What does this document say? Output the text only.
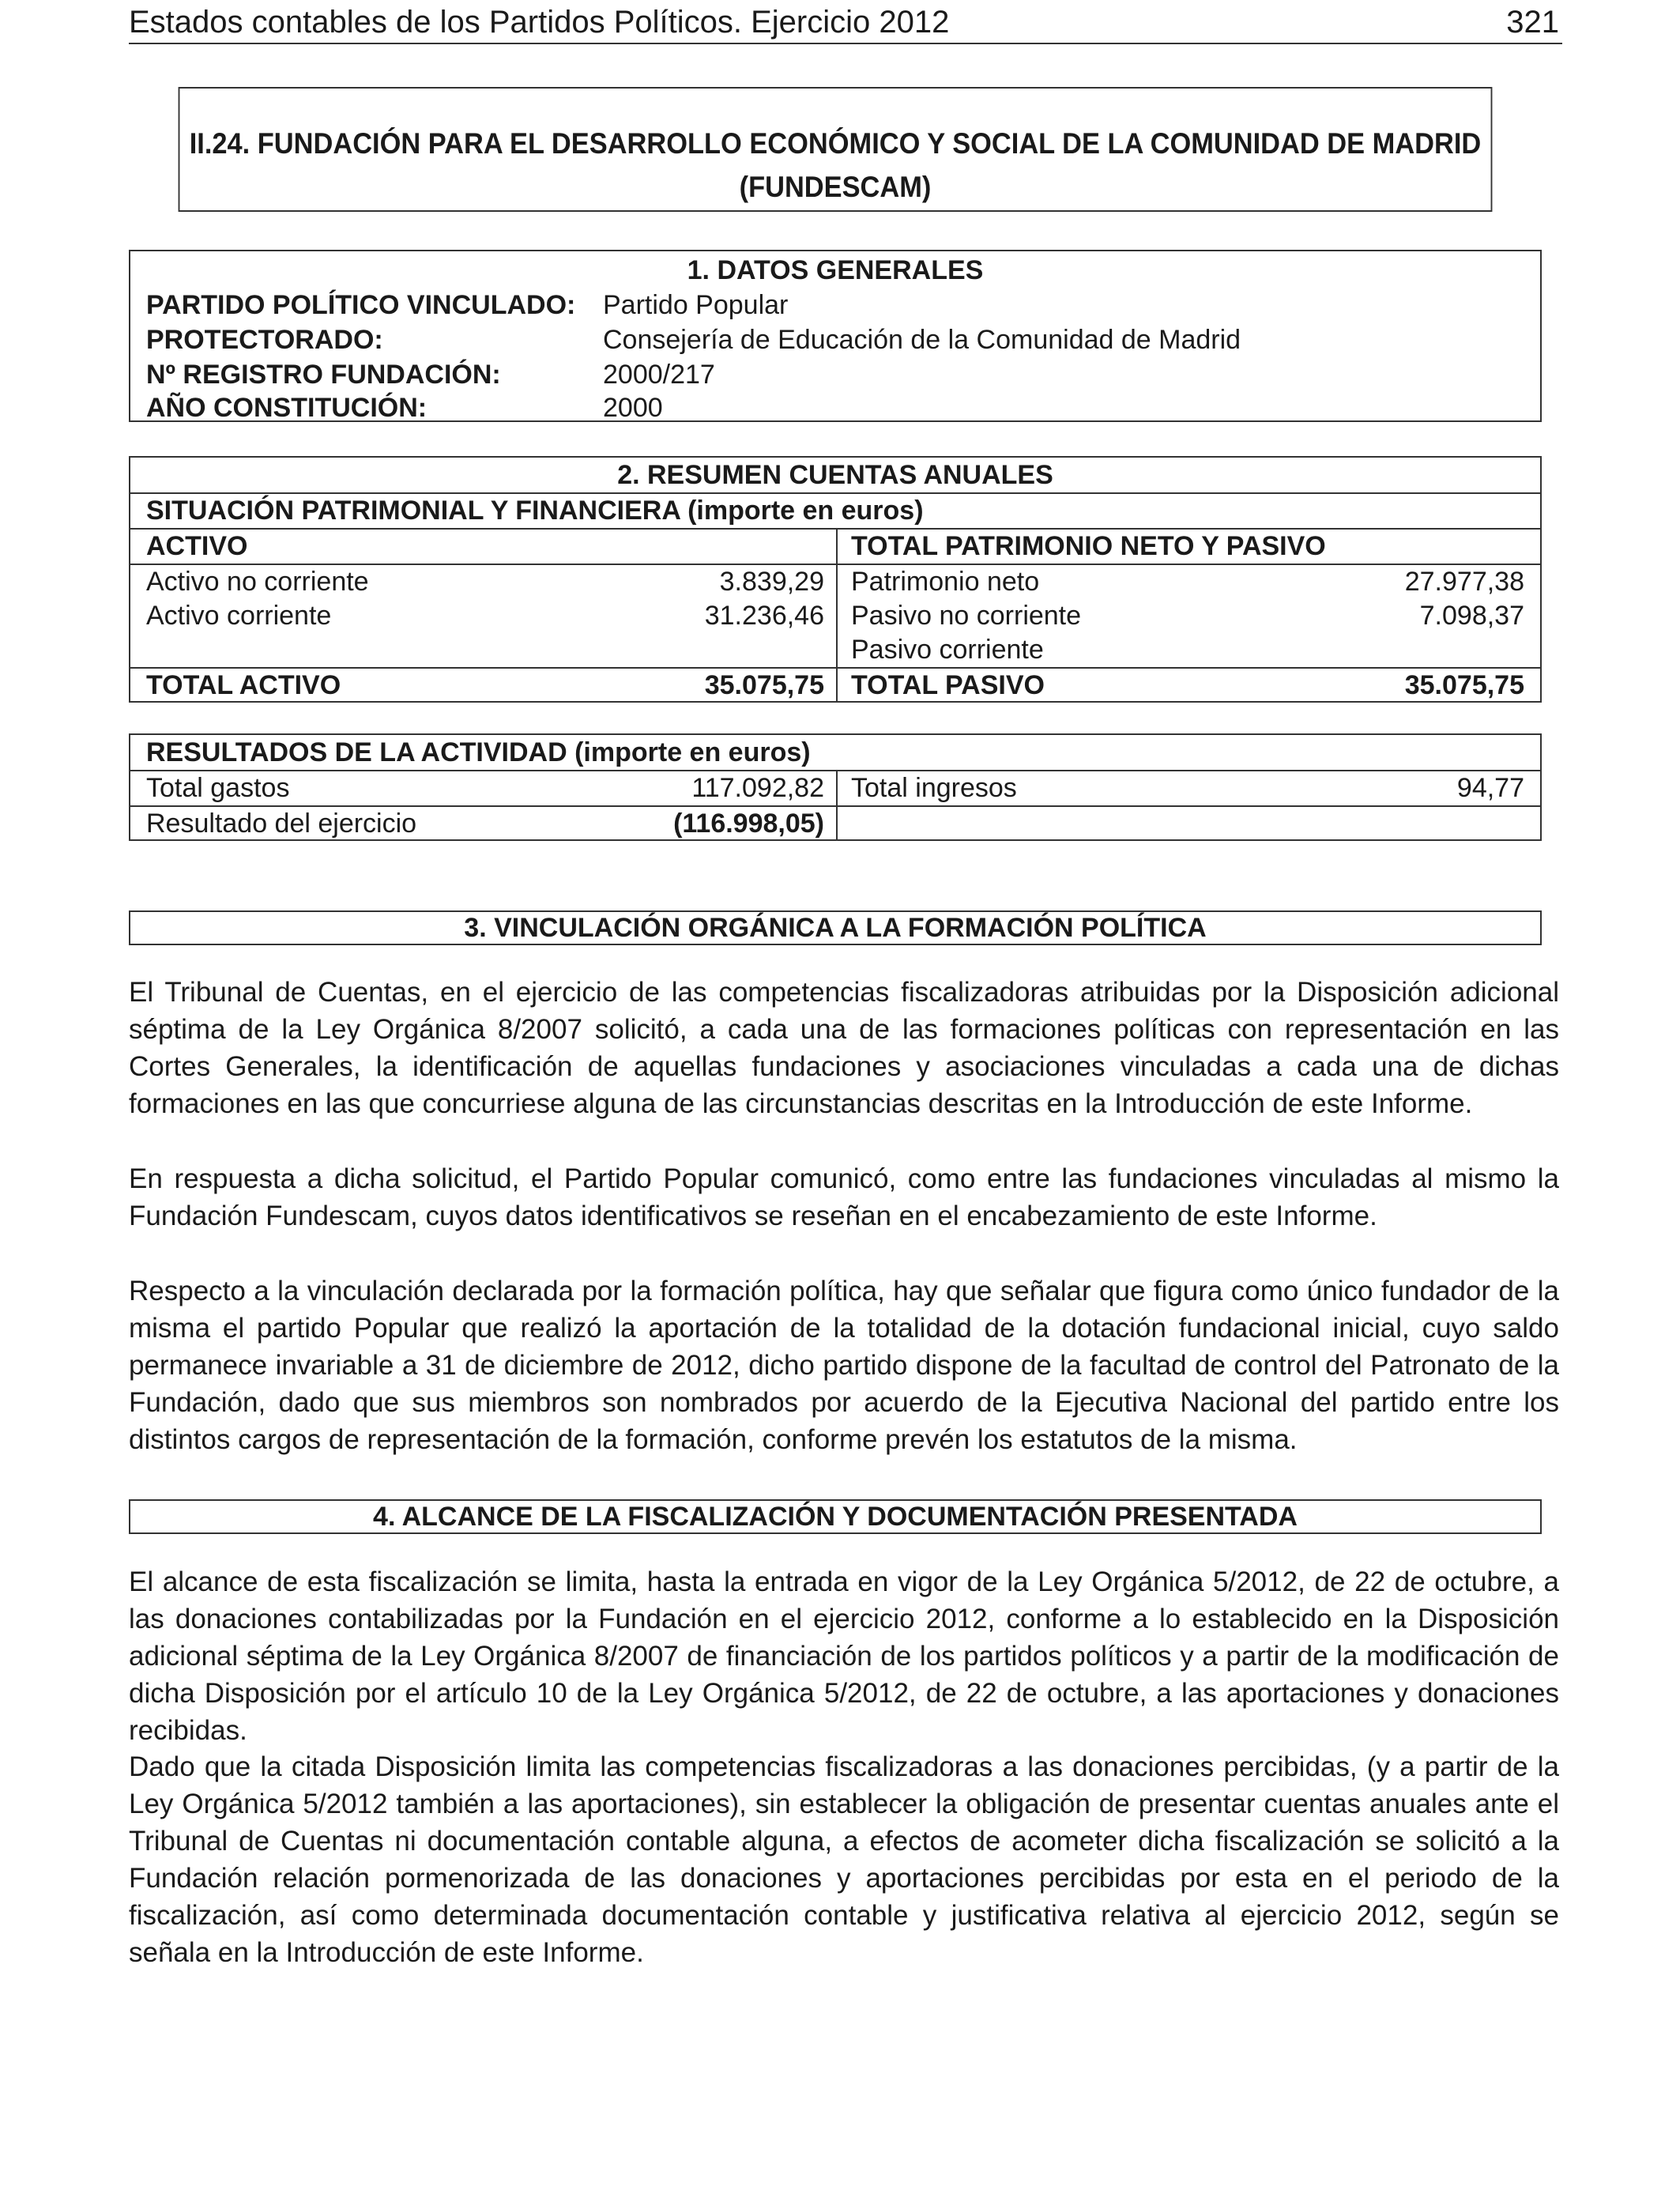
Estados contables de los Partidos Políticos. Ejercicio 2012	321
II.24. FUNDACIÓN PARA EL DESARROLLO ECONÓMICO Y SOCIAL DE LA COMUNIDAD DE MADRID
(FUNDESCAM)
1. DATOS GENERALES
PARTIDO POLÍTICO VINCULADO: Partido Popular
PROTECTORADO:	Consejería de Educación de la Comunidad de Madrid
Nº REGISTRO FUNDACIÓN:	2000/217
AÑO CONSTITUCIÓN:	2000
2. RESUMEN CUENTAS ANUALES
SITUACIÓN PATRIMONIAL Y FINANCIERA (importe en euros)
ACTIVO	TOTAL PATRIMONIO NETO Y PASIVO
Activo no corriente	3.839,29 Patrimonio neto	27.977,38
Activo corriente	31.236,46 Pasivo no corriente	7.098,37
Pasivo corriente
TOTAL ACTIVO	35.075,75 TOTAL PASIVO	35.075,75
RESULTADOS DE LA ACTIVIDAD (importe en euros)
Total gastos	117.092,82 Total ingresos	94,77
Resultado del ejercicio	(116.998,05)
3. VINCULACIÓN ORGÁNICA A LA FORMACIÓN POLÍTICA

El Tribunal de Cuentas, en el ejercicio de las competencias fiscalizadoras atribuidas por la Disposición adicional séptima de la Ley Orgánica 8/2007 solicitó, a cada una de las formaciones políticas con representación en las Cortes Generales, la identificación de aquellas fundaciones y asociaciones vinculadas a cada una de dichas formaciones en las que concurriese alguna de las circunstancias descritas en la Introducción de este Informe.

En respuesta a dicha solicitud, el Partido Popular comunicó, como entre las fundaciones vinculadas al mismo la Fundación Fundescam, cuyos datos identificativos se reseñan en el encabezamiento de este Informe.

Respecto a la vinculación declarada por la formación política, hay que señalar que figura como único fundador de la misma el partido Popular que realizó la aportación de la totalidad de la dotación fundacional inicial, cuyo saldo permanece invariable a 31 de diciembre de 2012, dicho partido dispone de la facultad de control del Patronato de la Fundación, dado que sus miembros son nombrados por acuerdo de la Ejecutiva Nacional del partido entre los distintos cargos de representación de la formación, conforme prevén los estatutos de la misma.

4. ALCANCE DE LA FISCALIZACIÓN Y DOCUMENTACIÓN PRESENTADA

El alcance de esta fiscalización se limita, hasta la entrada en vigor de la Ley Orgánica 5/2012, de 22 de octubre, a las donaciones contabilizadas por la Fundación en el ejercicio 2012, conforme a lo establecido en la Disposición adicional séptima de la Ley Orgánica 8/2007 de financiación de los partidos políticos y a partir de la modificación de dicha Disposición por el artículo 10 de la Ley Orgánica 5/2012, de 22 de octubre, a las aportaciones y donaciones recibidas.

Dado que la citada Disposición limita las competencias fiscalizadoras a las donaciones percibidas, (y a partir de la Ley Orgánica 5/2012 también a las aportaciones), sin establecer la obligación de presentar cuentas anuales ante el Tribunal de Cuentas ni documentación contable alguna, a efectos de acometer dicha fiscalización se solicitó a la Fundación relación pormenorizada de las donaciones y aportaciones percibidas por esta en el periodo de la fiscalización, así como determinada documentación contable y justificativa relativa al ejercicio 2012, según se señala en la Introducción de este Informe.
